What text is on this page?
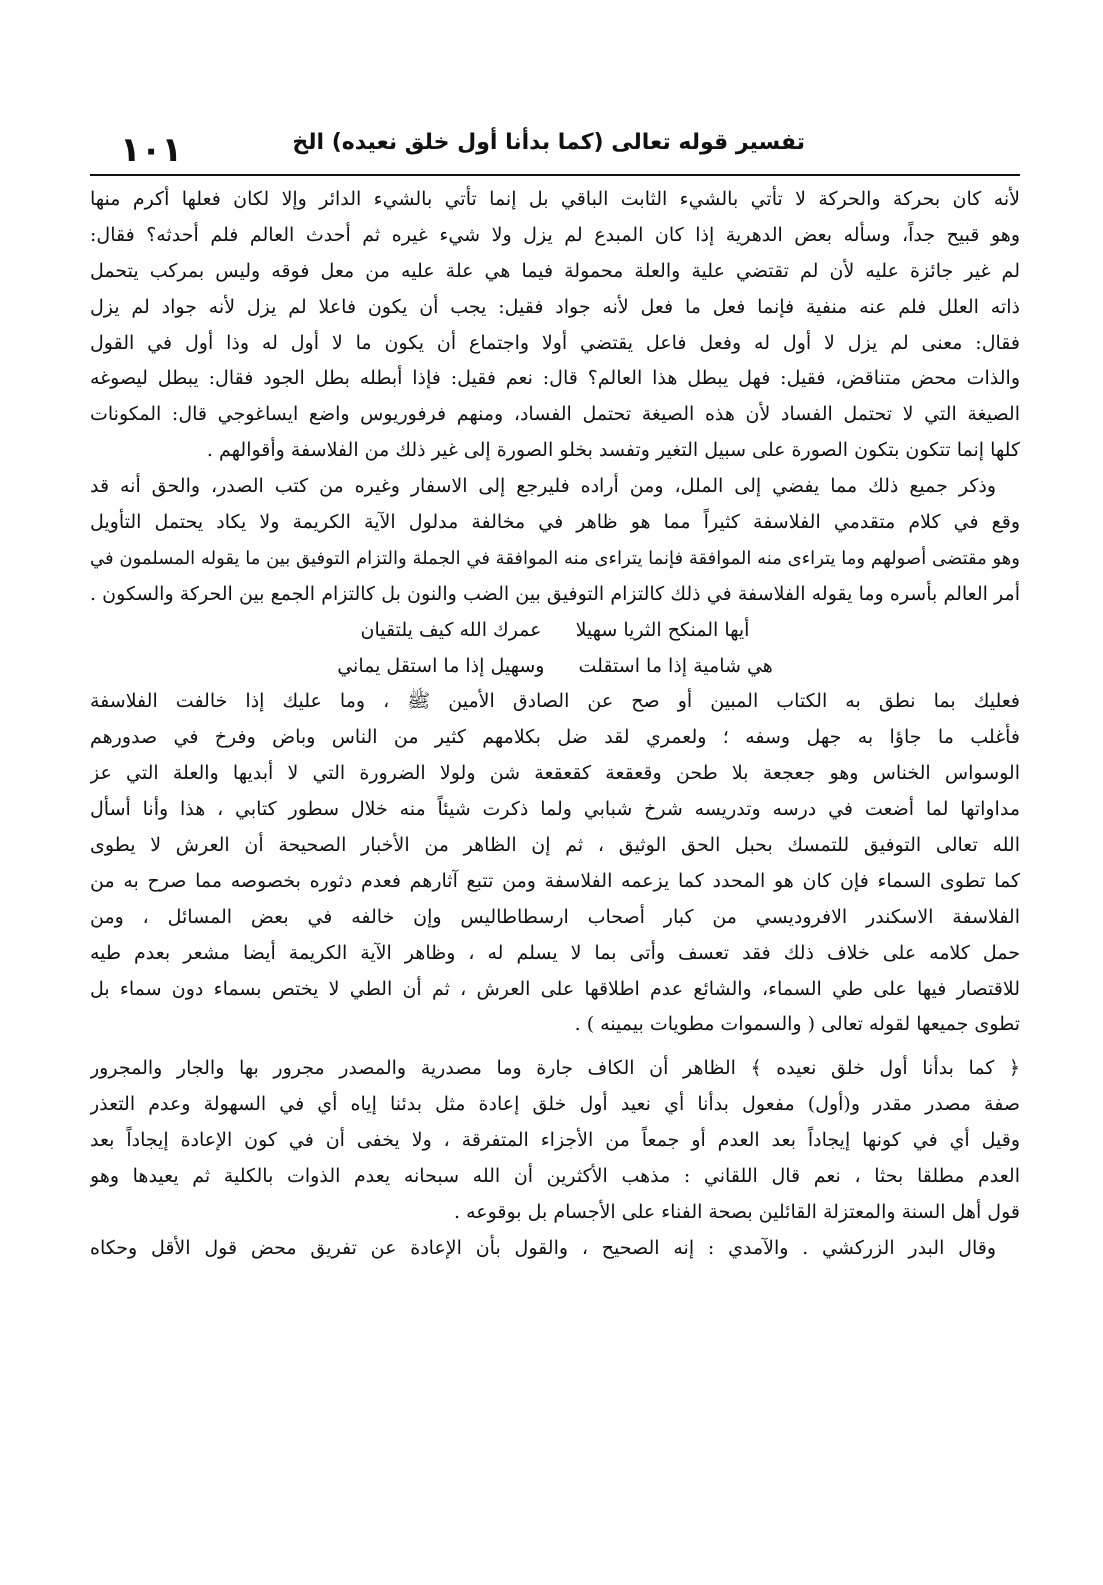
١٠١	تفسير قوله تعالى (كما بدأنا أول خلق نعيده) الخ
لأنه كان بحركة والحركة لا تأتي بالشيء الثابت الباقي بل إنما تأتي بالشيء الدائر وإلا لكان فعلها أكرم منها
وهو قبيح جداً، وسأله بعض الدهرية إذا كان المبدع لم يزل ولا شيء غيره ثم أحدث العالم فلم أحدثه؟ فقال:
لم غير جائزة عليه لأن لم تقتضي علية والعلة محمولة فيما هي علة عليه من معل فوقه وليس بمركب يتحمل
ذاته العلل فلم عنه منفية فإنما فعل ما فعل لأنه جواد فقيل: يجب أن يكون فاعلا لم يزل لأنه جواد لم يزل
فقال: معنى لم يزل لا أول له وفعل فاعل يقتضي أولا واجتماع أن يكون ما لا أول له وذا أول في القول
والذات محض متناقض، فقيل: فهل يبطل هذا العالم؟ قال: نعم فقيل: فإذا أبطله بطل الجود فقال: يبطل ليصوغه
الصيغة التي لا تحتمل الفساد لأن هذه الصيغة تحتمل الفساد، ومنهم فرفوريوس واضع ايساغوجي قال: المكونات
كلها إنما تتكون بتكون الصورة على سبيل التغير وتفسد بخلو الصورة إلى غير ذلك من الفلاسفة وأقوالهم .
وذكر جميع ذلك مما يفضي إلى الملل، ومن أراده فليرجع إلى الاسفار وغيره من كتب الصدر، والحق أنه قد
وقع في كلام متقدمي الفلاسفة كثيراً مما هو ظاهر في مخالفة مدلول الآية الكريمة ولا يكاد يحتمل التأويل
وهو مقتضى أصولهم وما يتراءى منه الموافقة فإنما يتراءى منه الموافقة في الجملة والتزام التوفيق بين ما يقوله المسلمون في
أمر العالم بأسره وما يقوله الفلاسفة في ذلك كالتزام التوفيق بين الضب والنون بل كالتزام الجمع بين الحركة والسكون .
أيها المنكح الثريا سهيلا عمرك الله كيف يلتقيان
هي شامية إذا ما استقلت وسهيل إذا ما استقل يماني
فعليك بما نطق به الكتاب المبين أو صح عن الصادق الأمين ﷺ ، وما عليك إذا خالفت الفلاسفة
فأغلب ما جاؤا به جهل وسفه ؛ ولعمري لقد ضل بكلامهم كثير من الناس وباض وفرخ في صدورهم
الوسواس الخناس وهو جعجعة بلا طحن وقعقعة كقعقعة شن ولولا الضرورة التي لا أبديها والعلة التي عز
مداواتها لما أضعت في درسه وتدريسه شرخ شبابي ولما ذكرت شيئاً منه خلال سطور كتابي ، هذا وأنا أسأل
الله تعالى التوفيق للتمسك بحبل الحق الوثيق ، ثم إن الظاهر من الأخبار الصحيحة أن العرش لا يطوى
كما تطوى السماء فإن كان هو المحدد كما يزعمه الفلاسفة ومن تتبع آثارهم فعدم دثوره بخصوصه مما صرح به من
الفلاسفة الاسكندر الافروديسي من كبار أصحاب ارسطاطاليس وإن خالفه في بعض المسائل ، ومن
حمل كلامه على خلاف ذلك فقد تعسف وأتى بما لا يسلم له ، وظاهر الآية الكريمة أيضا مشعر بعدم طيه
للاقتصار فيها على طي السماء، والشائع عدم اطلاقها على العرش ، ثم أن الطي لا يختص بسماء دون سماء بل
تطوى جميعها لقوله تعالى ( والسموات مطويات بيمينه ) .
﴿ كما بدأنا أول خلق نعيده ﴾ الظاهر أن الكاف جارة وما مصدرية والمصدر مجرور بها والجار والمجرور
صفة مصدر مقدر و(أول) مفعول بدأنا أي نعيد أول خلق إعادة مثل بدئنا إياه أي في السهولة وعدم التعذر
وقيل أي في كونها إيجاداً بعد العدم أو جمعاً من الأجزاء المتفرقة ، ولا يخفى أن في كون الإعادة إيجاداً بعد
العدم مطلقا بحثا ، نعم قال اللقاني : مذهب الأكثرين أن الله سبحانه يعدم الذوات بالكلية ثم يعيدها وهو
قول أهل السنة والمعتزلة القائلين بصحة الفناء على الأجسام بل بوقوعه .
وقال البدر الزركشي . والآمدي : إنه الصحيح ، والقول بأن الإعادة عن تفريق محض قول الأقل وحكاه
